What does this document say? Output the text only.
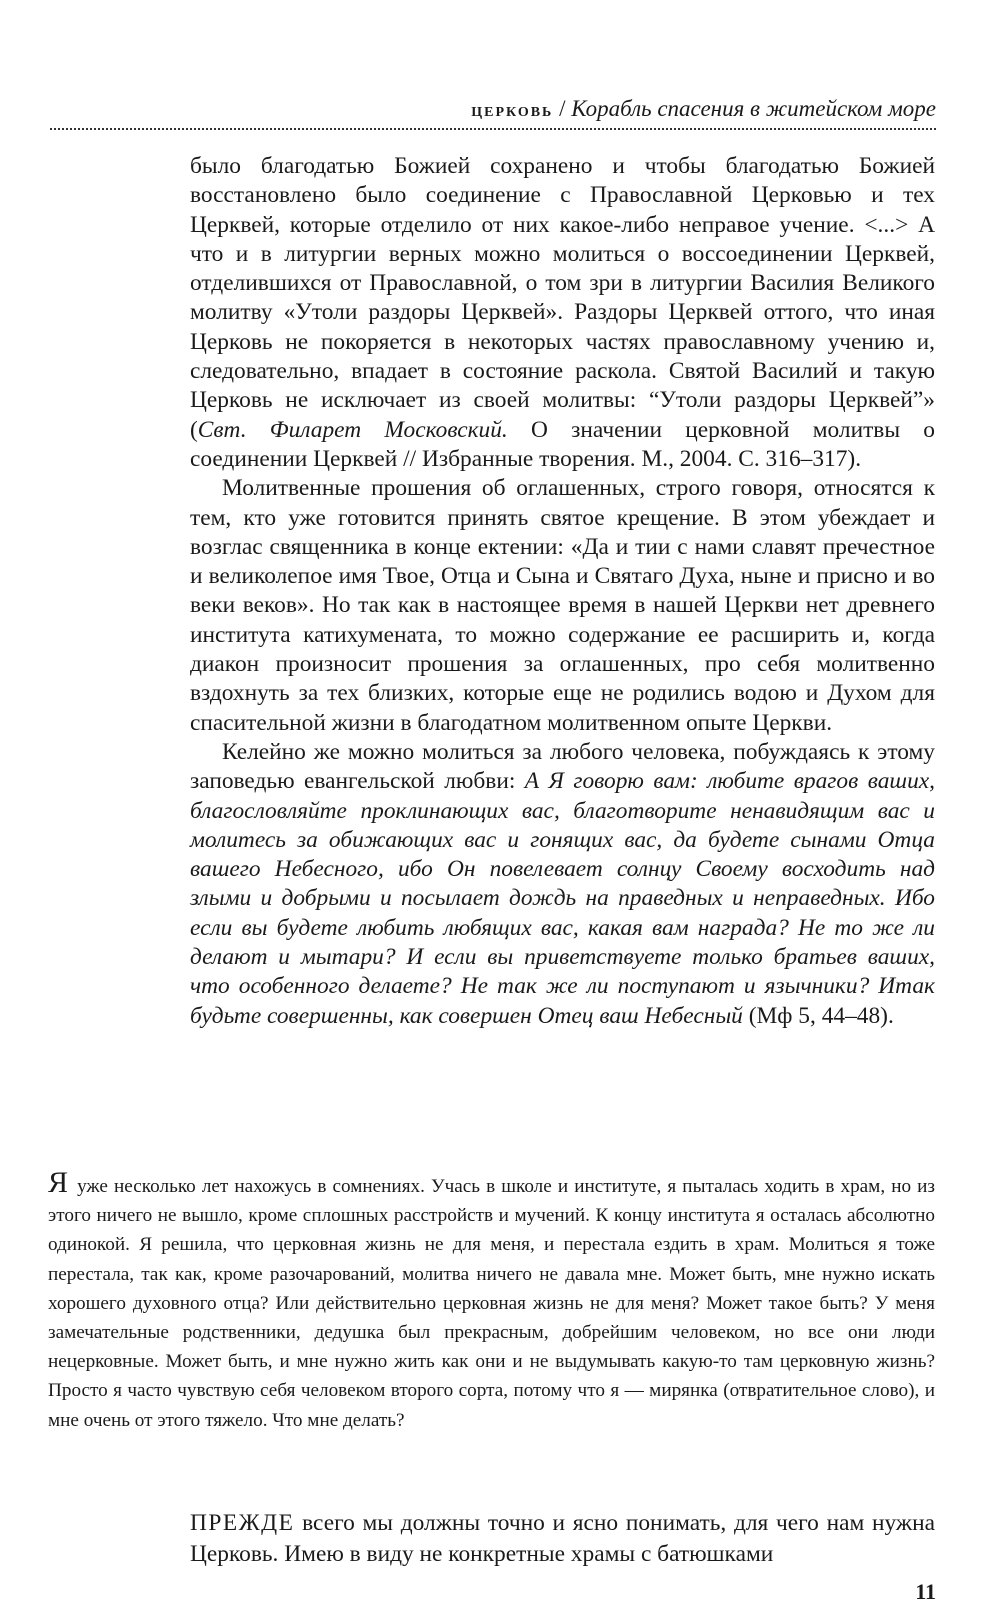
церковь / Корабль спасения в житейском море

было благодатью Божией сохранено и чтобы благодатью Божией восстановлено было соединение с Православной Церковью и тех Церквей, которые отделило от них какое-либо неправое учение. <...> А что и в литургии верных можно молиться о воссоединении Церквей, отделившихся от Православной, о том зри в литургии Василия Великого молитву «Утоли раздоры Церквей». Раздоры Церквей оттого, что иная Церковь не покоряется в некоторых частях православному учению и, следовательно, впадает в состояние раскола. Святой Василий и такую Церковь не исключает из своей молитвы: “Утоли раздоры Церквей”» (Свт. Филарет Московский. О значении церковной молитвы о соединении Церквей // Избранные творения. М., 2004. С. 316–317).

Молитвенные прошения об оглашенных, строго говоря, относятся к тем, кто уже готовится принять святое крещение. В этом убеждает и возглас священника в конце ектении: «Да и тии с нами славят пречестное и великолепое имя Твое, Отца и Сына и Святаго Духа, ныне и присно и во веки веков». Но так как в настоящее время в нашей Церкви нет древнего института катихумената, то можно содержание ее расширить и, когда диакон произносит прошения за оглашенных, про себя молитвенно вздохнуть за тех близких, которые еще не родились водою и Духом для спасительной жизни в благодатном молитвенном опыте Церкви.

Келейно же можно молиться за любого человека, побуждаясь к этому заповедью евангельской любви: А Я говорю вам: любите врагов ваших, благословляйте проклинающих вас, благотворите ненавидящим вас и молитесь за обижающих вас и гонящих вас, да будете сынами Отца вашего Небесного, ибо Он повелевает солнцу Своему восходить над злыми и добрыми и посылает дождь на праведных и неправедных. Ибо если вы будете любить любящих вас, какая вам награда? Не то же ли делают и мытари? И если вы приветствуете только братьев ваших, что особенного делаете? Не так же ли поступают и язычники? Итак будьте совершенны, как совершен Отец ваш Небесный (Мф 5, 44–48).

Я уже несколько лет нахожусь в сомнениях. Учась в школе и институте, я пыталась ходить в храм, но из этого ничего не вышло, кроме сплошных расстройств и мучений. К концу института я осталась абсолютно одинокой. Я решила, что церковная жизнь не для меня, и перестала ездить в храм. Молиться я тоже перестала, так как, кроме разочарований, молитва ничего не давала мне. Может быть, мне нужно искать хорошего духовного отца? Или действительно церковная жизнь не для меня? Может такое быть? У меня замечательные родственники, дедушка был прекрасным, добрейшим человеком, но все они люди нецерковные. Может быть, и мне нужно жить как они и не выдумывать какую-то там церковную жизнь? Просто я часто чувствую себя человеком второго сорта, потому что я — мирянка (отвратительное слово), и мне очень от этого тяжело. Что мне делать?
ПРЕЖДЕ всего мы должны точно и ясно понимать, для чего нам нужна Церковь. Имею в виду не конкретные храмы с батюшками
11
